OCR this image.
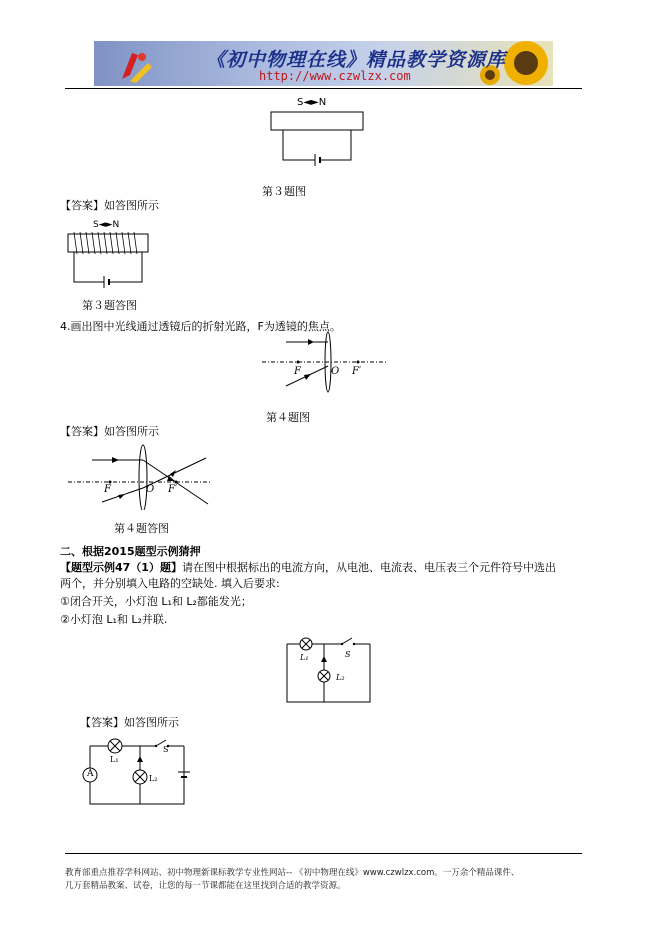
《初中物理在线》精品教学资源库
http://www.czwlzx.com
S◄►N
第３题图
【答案】如答图所示
S◄►N
第３题答图
4.画出图中光线通过透镜后的折射光路，F为透镜的焦点。
F	O F′
第４题图
【答案】如答图所示
F	O F′
第４题答图
二、根据2015题型示例猜押
【题型示例47（1）题】请在图中根据标出的电流方向，从电池、电流表、电压表三个元件符号中选出
两个，并分别填入电路的空缺处. 填入后要求:
①闭合开关，小灯泡 L₁和 L₂都能发光；
②小灯泡 L₁和 L₂并联.
L₁
L₂
S
【答案】如答图所示
A
L₁
L₂
S
教育部重点推荐学科网站、初中物理新课标教学专业性网站-- 《初中物理在线》www.czwlzx.com。一万余个精品课件、
几万套精品教案、试卷，让您的每一节课都能在这里找到合适的教学资源。
